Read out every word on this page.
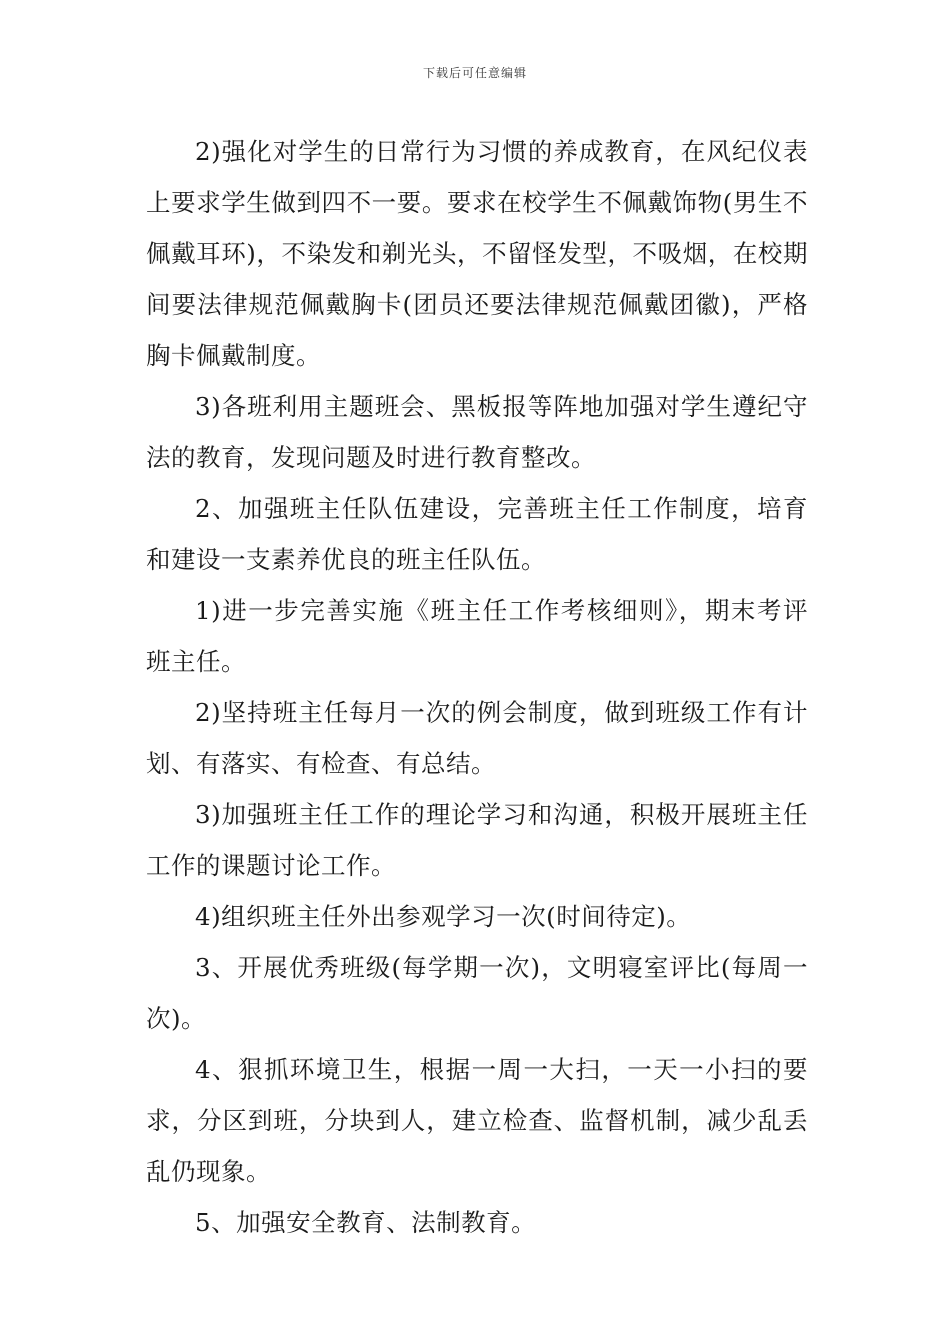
下载后可任意编辑

2)强化对学生的日常行为习惯的养成教育，在风纪仪表上要求学生做到四不一要。要求在校学生不佩戴饰物(男生不佩戴耳环)，不染发和剃光头，不留怪发型，不吸烟，在校期间要法律规范佩戴胸卡(团员还要法律规范佩戴团徽)，严格胸卡佩戴制度。

3)各班利用主题班会、黑板报等阵地加强对学生遵纪守法的教育，发现问题及时进行教育整改。

2、加强班主任队伍建设，完善班主任工作制度，培育和建设一支素养优良的班主任队伍。

1)进一步完善实施《班主任工作考核细则》，期末考评班主任。

2)坚持班主任每月一次的例会制度，做到班级工作有计划、有落实、有检查、有总结。

3)加强班主任工作的理论学习和沟通，积极开展班主任工作的课题讨论工作。

4)组织班主任外出参观学习一次(时间待定)。

3、开展优秀班级(每学期一次)，文明寝室评比(每周一次)。

4、狠抓环境卫生，根据一周一大扫，一天一小扫的要求，分区到班，分块到人，建立检查、监督机制，减少乱丢乱仍现象。

5、加强安全教育、法制教育。
